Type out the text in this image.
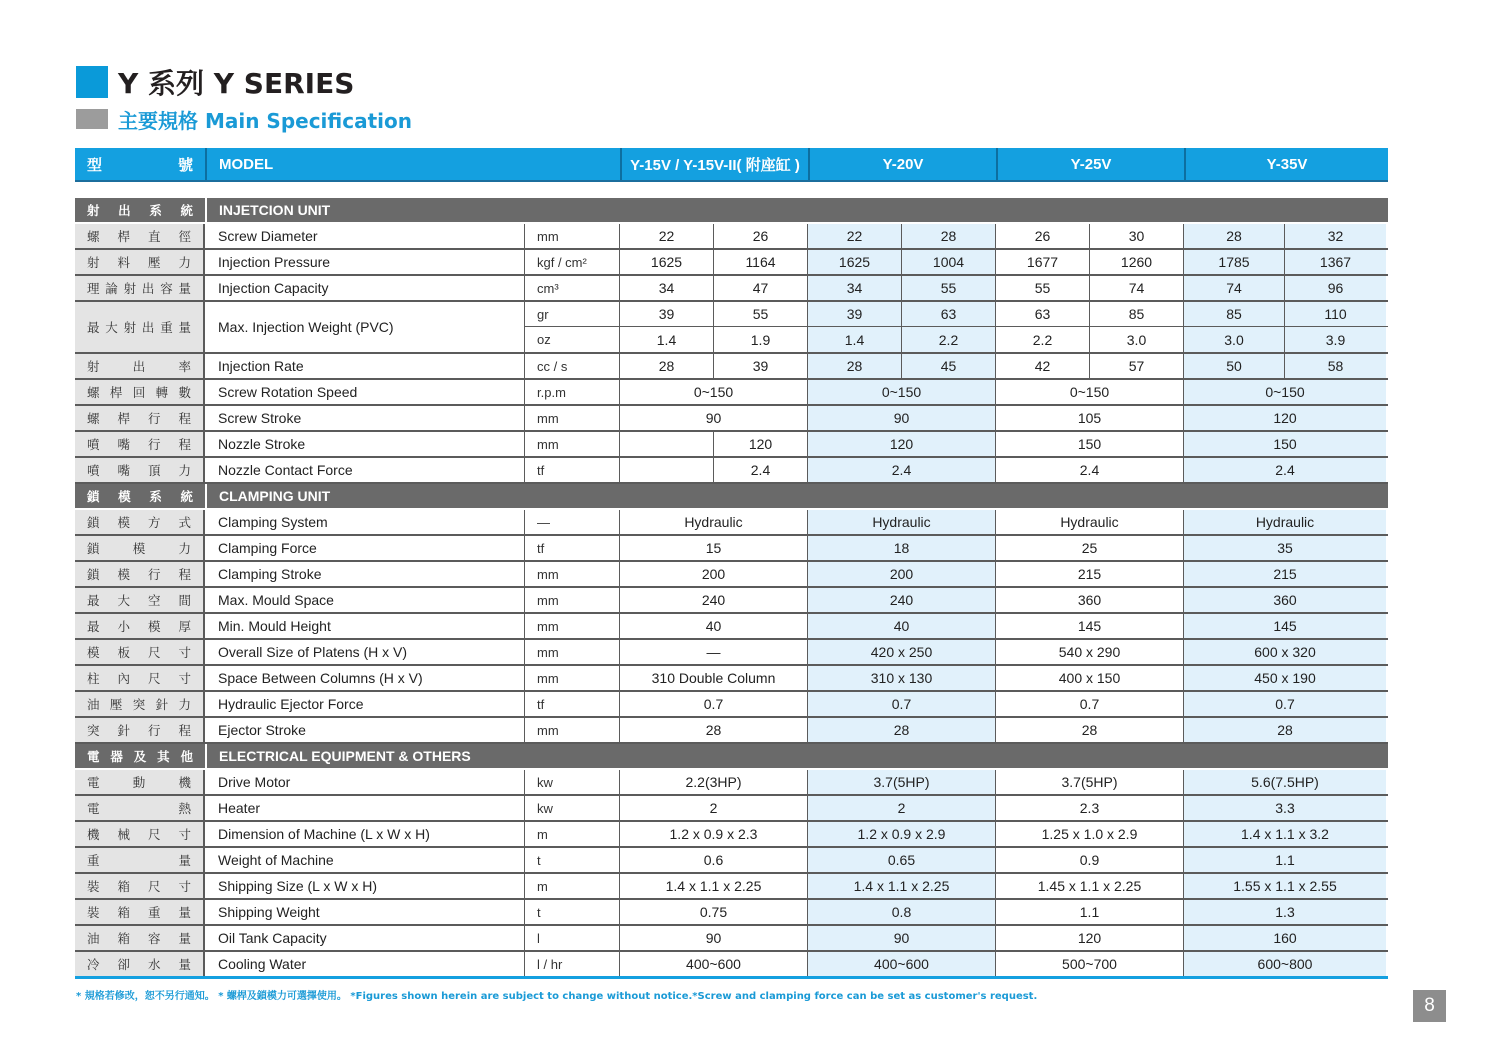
Y 系列 Y SERIES
主要規格 Main Specification
型	號	MODEL	Y-15V / Y-15V-II( 附座缸 )	Y-20V	Y-25V	Y-35V
射 出 系 統	INJETCION UNIT
螺 桿 直 徑	Screw Diameter	mm	22	26	22	28	26	30	28	32
射 料 壓 力	Injection Pressure	kgf / cm²	1625	1164	1625	1004	1677	1260	1785	1367
理 論 射 出 容 量	Injection Capacity	cm³	34	47	34	55	55	74	74	96
最 大 射 出 重 量	Max. Injection Weight (PVC)
gr	39	55	39	63	63	85	85	110
oz	1.4	1.9	1.4	2.2	2.2	3.0	3.0	3.9
射	出	率	Injection Rate	cc / s	28	39	28	45	42	57	50	58
螺 桿 回 轉 數	Screw Rotation Speed	r.p.m	0~150	0~150	0~150	0~150
螺 桿 行 程	Screw Stroke	mm	90	90	105	120
噴 嘴 行 程	Nozzle Stroke	mm	120	120	150	150
噴 嘴 頂 力	Nozzle Contact Force	tf	2.4	2.4	2.4	2.4
鎖 模 系 統	CLAMPING UNIT
鎖 模 方 式	Clamping System	—	Hydraulic	Hydraulic	Hydraulic	Hydraulic
鎖	模	力	Clamping Force	tf	15	18	25	35
鎖 模 行 程	Clamping Stroke	mm	200	200	215	215
最 大 空 間	Max. Mould Space	mm	240	240	360	360
最 小 模 厚	Min. Mould Height	mm	40	40	145	145
模 板 尺 寸	Overall Size of Platens (H x V)	mm	—	420 x 250	540 x 290	600 x 320
柱 內 尺 寸	Space Between Columns (H x V)	mm	310 Double Column	310 x 130	400 x 150	450 x 190
油 壓 突 針 力	Hydraulic Ejector Force	tf	0.7	0.7	0.7	0.7
突 針 行 程	Ejector Stroke	mm	28	28	28	28
電 器 及 其 他	ELECTRICAL EQUIPMENT & OTHERS
電	動	機	Drive Motor	kw	2.2(3HP)	3.7(5HP)	3.7(5HP)	5.6(7.5HP)
電	熱	Heater	kw	2	2	2.3	3.3
機 械 尺 寸	Dimension of Machine (L x W x H)	m	1.2 x 0.9 x 2.3	1.2 x 0.9 x 2.9	1.25 x 1.0 x 2.9	1.4 x 1.1 x 3.2
重	量	Weight of Machine	t	0.6	0.65	0.9	1.1
裝 箱 尺 寸	Shipping Size (L x W x H)	m	1.4 x 1.1 x 2.25	1.4 x 1.1 x 2.25	1.45 x 1.1 x 2.25	1.55 x 1.1 x 2.55
裝 箱 重 量	Shipping Weight	t	0.75	0.8	1.1	1.3
油 箱 容 量	Oil Tank Capacity	l	90	90	120	160
冷 卻 水 量	Cooling Water	l / hr	400~600	400~600	500~700	600~800
* 規格若修改，恕不另行通知。 * 螺桿及鎖模力可選擇使用。 *Figures shown herein are subject to change without notice.*Screw and clamping force can be set as customer's request.	8
